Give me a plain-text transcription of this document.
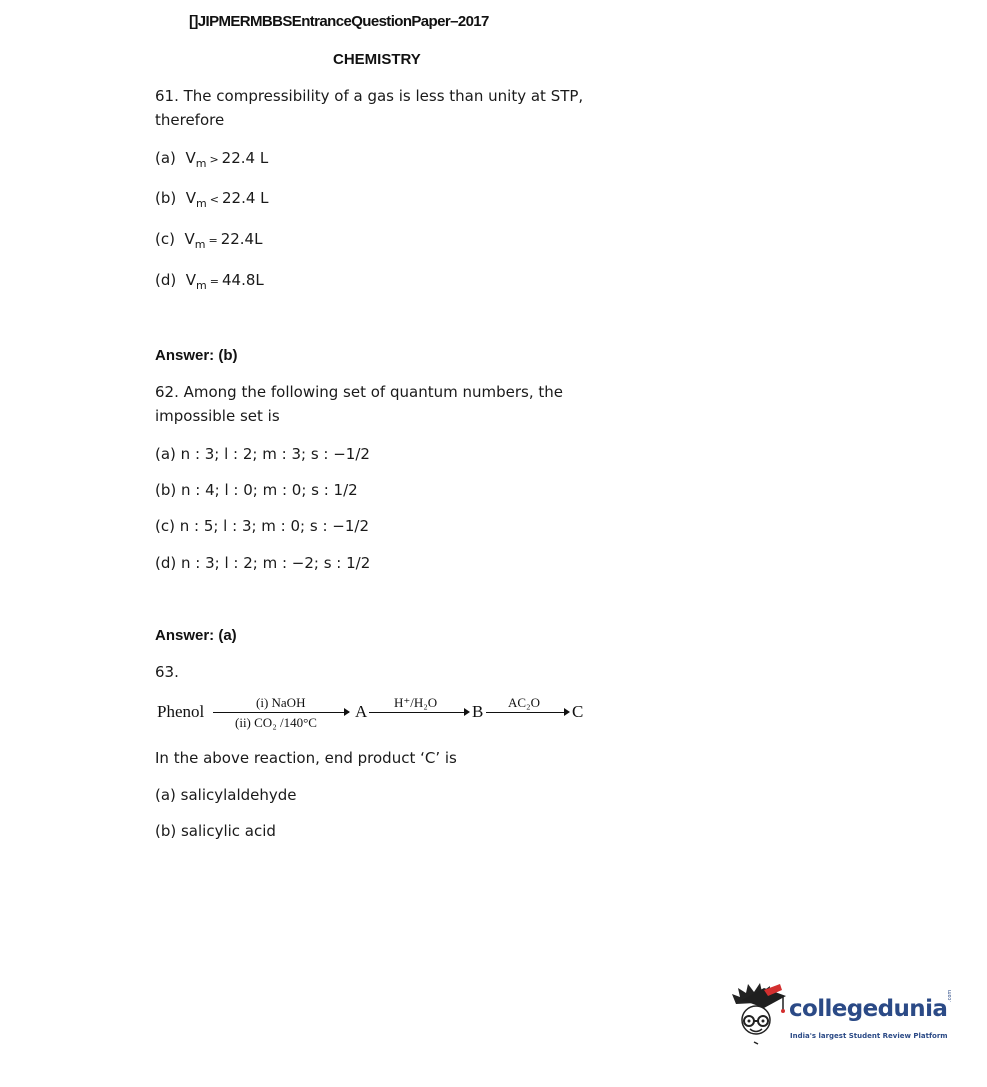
[]JIPMERMBBSEntranceQuestionPaper–2017
CHEMISTRY
61. The compressibility of a gas is less than unity at STP,
therefore
(a) $V_m > 22.4$ L
(b) $V_m < 22.4$ L
(c) $V_m = 22.4L$
(d) $V_m = 44.8L$
Answer: (b)
62. Among the following set of quantum numbers, the
impossible set is
(a) n : 3; l : 2; m : 3; s : −1/2
(b) n : 4; l : 0; m : 0; s : 1/2
(c) n : 5; l : 3; m : 0; s : −1/2
(d) n : 3; l : 2; m : −2; s : 1/2
Answer: (a)
63.
Phenol	(i) NaOH
(ii) CO₂ /140°C
A H⁺/H₂O B AC₂O C
In the above reaction, end product ‘C’ is
(a) salicylaldehyde
(b) salicylic acid
collegedunia
.com
India's largest Student Review Platform
